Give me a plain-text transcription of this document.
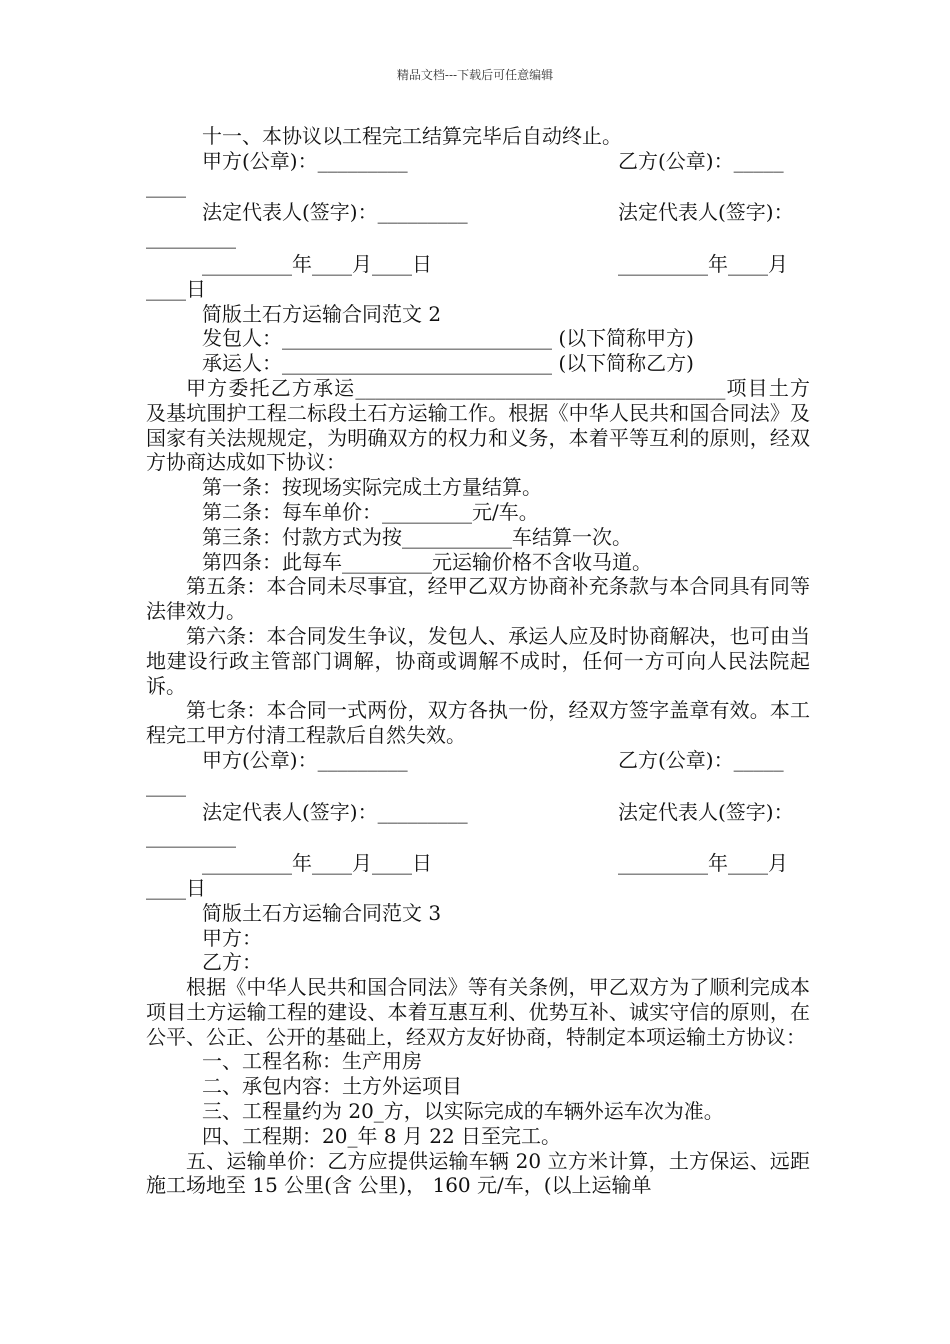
精品文档---下载后可任意编辑
十一、本协议以工程完工结算完毕后自动终止。
甲方(公章)：_________	乙方(公章)：_____
____
法定代表人(签字)：_________	法定代表人(签字)：
_________
_________年____月____日	_________年____月
____日
简版土石方运输合同范文 2
发包人：___________________________ (以下简称甲方)
承运人：___________________________ (以下简称乙方)
甲方委托乙方承运_____________________________________项目土方及基坑围护工程二标段土石方运输工作。根据《中华人民共和国合同法》及国家有关法规规定，为明确双方的权力和义务，本着平等互利的原则，经双方协商达成如下协议：
第一条：按现场实际完成土方量结算。
第二条：每车单价：_________元/车。
第三条：付款方式为按___________车结算一次。
第四条：此每车_________元运输价格不含收马道。
第五条：本合同未尽事宜，经甲乙双方协商补充条款与本合同具有同等法律效力。
第六条：本合同发生争议，发包人、承运人应及时协商解决，也可由当地建设行政主管部门调解，协商或调解不成时，任何一方可向人民法院起诉。
第七条：本合同一式两份，双方各执一份，经双方签字盖章有效。本工程完工甲方付清工程款后自然失效。
甲方(公章)：_________	乙方(公章)：_____
____
法定代表人(签字)：_________	法定代表人(签字)：
_________
_________年____月____日	_________年____月
____日
简版土石方运输合同范文 3
甲方：
乙方：
根据《中华人民共和国合同法》等有关条例，甲乙双方为了顺利完成本项目土方运输工程的建设、本着互惠互利、优势互补、诚实守信的原则，在公平、公正、公开的基础上，经双方友好协商，特制定本项运输土方协议：
一、工程名称：生产用房
二、承包内容：土方外运项目
三、工程量约为 20_方，以实际完成的车辆外运车次为准。
四、工程期：20_年 8 月 22 日至完工。
五、运输单价：乙方应提供运输车辆 20 立方米计算，土方保运、远距施工场地至 15 公里(含 公里)， 160 元/车，(以上运输单
